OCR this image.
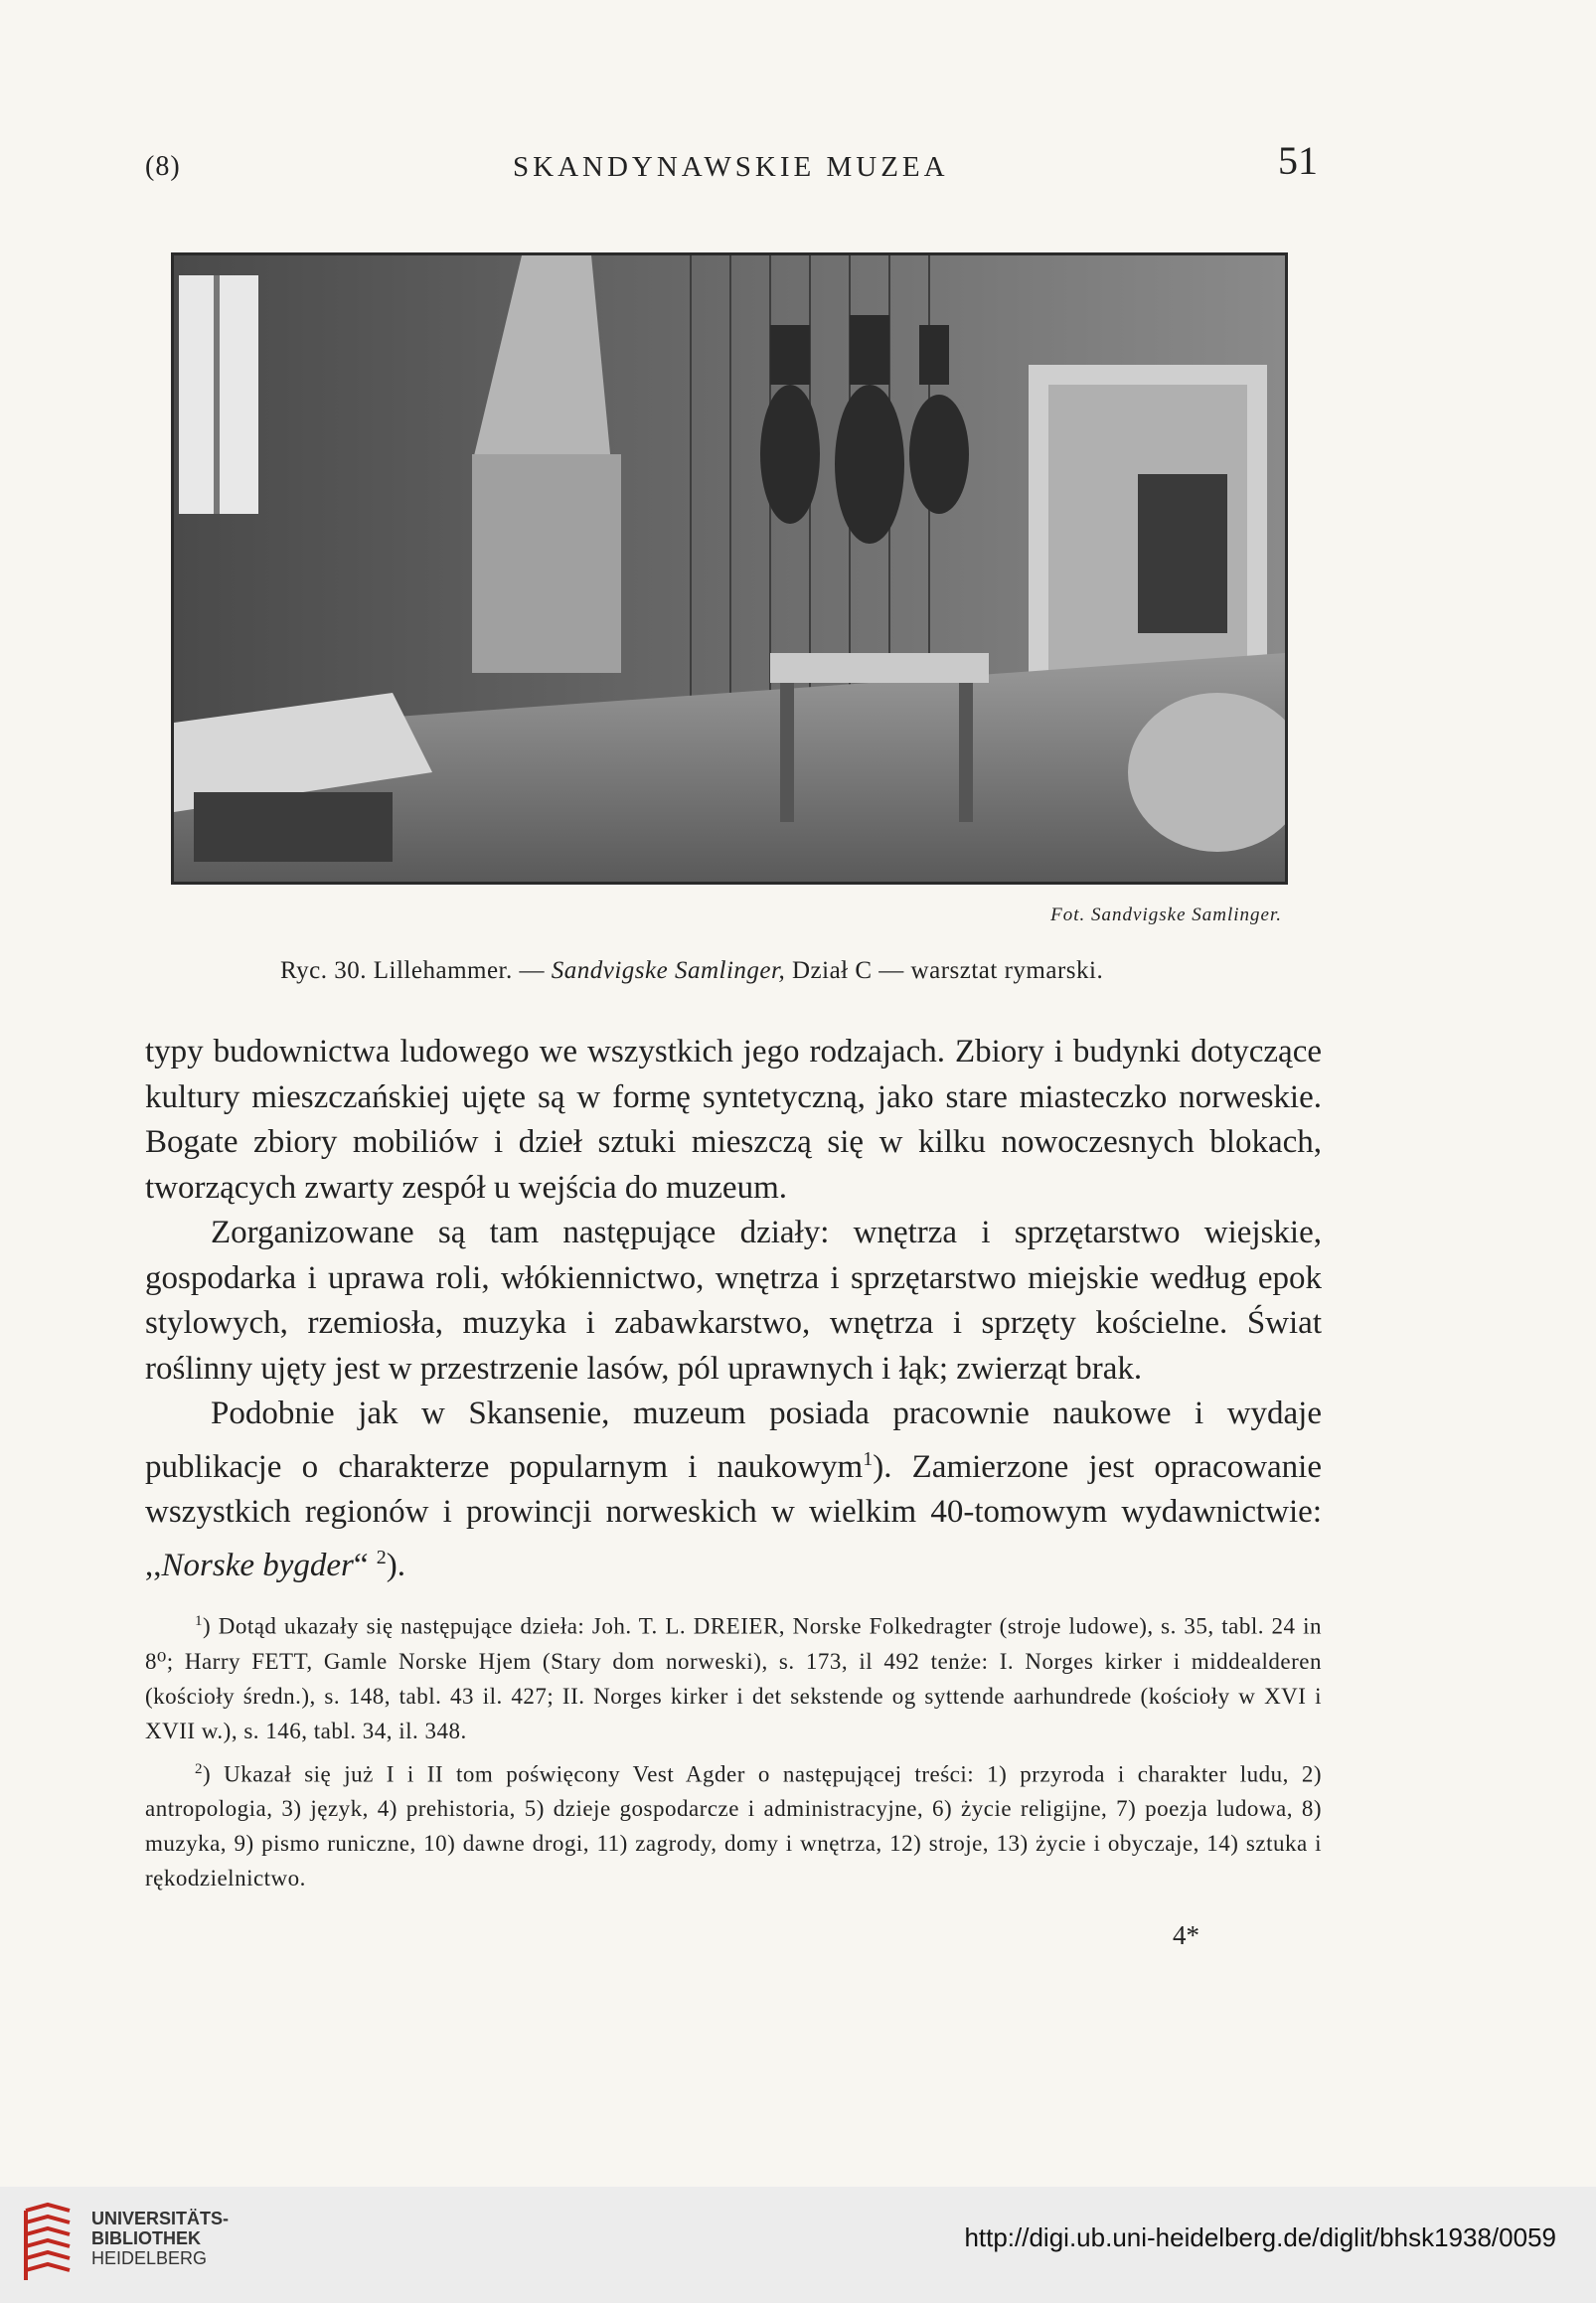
(8)	SKANDYNAWSKIE MUZEA	51
Fot. Sandvigske Samlinger.
Ryc. 30. Lillehammer. — Sandvigske Samlinger, Dział C — warsztat rymarski.

typy budownictwa ludowego we wszystkich jego rodzajach. Zbiory i budynki dotyczące kultury mieszczańskiej ujęte są w formę syntetyczną, jako stare miasteczko norweskie. Bogate zbiory mobiliów i dzieł sztuki mieszczą się w kilku nowoczesnych blokach, tworzących zwarty zespół u wejścia do muzeum.

Zorganizowane są tam następujące działy: wnętrza i sprzętarstwo wiejskie, gospodarka i uprawa roli, włókiennictwo, wnętrza i sprzętarstwo miejskie według epok stylowych, rzemiosła, muzyka i zabawkarstwo, wnętrza i sprzęty kościelne. Świat roślinny ujęty jest w przestrzenie lasów, pól uprawnych i łąk; zwierząt brak.

Podobnie jak w Skansenie, muzeum posiada pracownie naukowe i wydaje publikacje o charakterze popularnym i naukowym$^1$). Zamierzone jest opracowanie wszystkich regionów i prowincji norweskich w wielkim 40-tomowym wydawnictwie: ,,Norske bygder“ $^2$).

$^1$) Dotąd ukazały się następujące dzieła: Joh. T. L. DREIER, Norske Folkedragter (stroje ludowe), s. 35, tabl. 24 in 8⁰; Harry FETT, Gamle Norske Hjem (Stary dom norweski), s. 173, il 492 tenże: I. Norges kirker i middealderen (kościoły średn.), s. 148, tabl. 43 il. 427; II. Norges kirker i det sekstende og syttende aarhundrede (kościoły w XVI i XVII w.), s. 146, tabl. 34, il. 348.

$^2$) Ukazał się już I i II tom poświęcony Vest Agder o następującej treści: 1) przyroda i charakter ludu, 2) antropologia, 3) język, 4) prehistoria, 5) dzieje gospodarcze i administracyjne, 6) życie religijne, 7) poezja ludowa, 8) muzyka, 9) pismo runiczne, 10) dawne drogi, 11) zagrody, domy i wnętrza, 12) stroje, 13) życie i obyczaje, 14) sztuka i rękodzielnictwo.

4*
UNIVERSITÄTS-
BIBLIOTHEK
HEIDELBERG
http://digi.ub.uni-heidelberg.de/diglit/bhsk1938/0059
